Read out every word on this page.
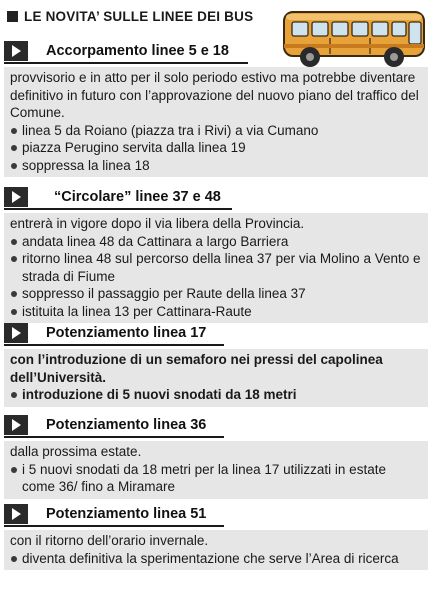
LE NOVITA’ SULLE LINEE DEI BUS
Accorpamento linee 5 e 18
provvisorio e in atto per il solo periodo estivo ma potrebbe diventare definitivo in futuro con l’approvazione del nuovo piano del traffico del Comune.
linea 5 da Roiano (piazza tra i Rivi) a via Cumano
piazza Perugino servita dalla linea 19
soppressa la linea 18
“Circolare” linee 37 e 48
entrerà in vigore dopo il via libera della Provincia.
andata linea 48 da Cattinara a largo Barriera
ritorno linea 48 sul percorso della linea 37 per via Molino a Vento e strada di Fiume
soppresso il passaggio per Raute della linea 37
istituita la linea 13 per Cattinara-Raute
Potenziamento linea 17
con l’introduzione di un semaforo nei pressi del capolinea dell’Università.
introduzione di 5 nuovi snodati da 18 metri
Potenziamento linea 36
dalla prossima estate.
i 5 nuovi snodati da 18 metri per la linea 17 utilizzati in estate come 36/ fino a Miramare
Potenziamento linea 51
con il ritorno dell’orario invernale.
diventa definitiva la sperimentazione che serve l’Area di ricerca
